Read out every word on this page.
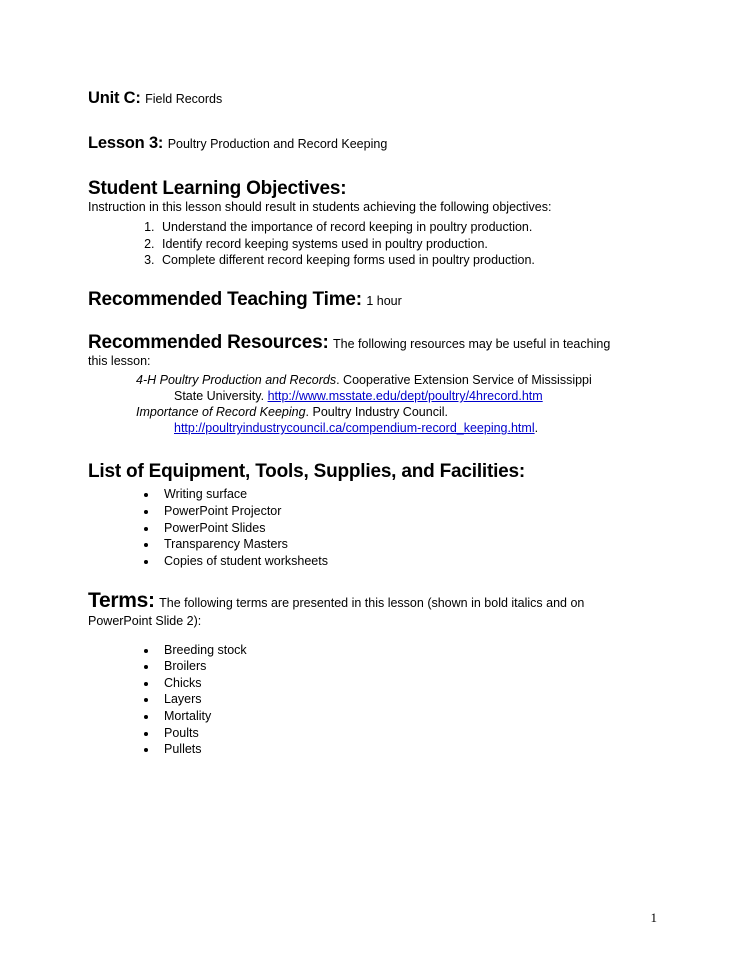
Unit C: Field Records
Lesson 3: Poultry Production and Record Keeping
Student Learning Objectives:
Instruction in this lesson should result in students achieving the following objectives:
1. Understand the importance of record keeping in poultry production.
2. Identify record keeping systems used in poultry production.
3. Complete different record keeping forms used in poultry production.
Recommended Teaching Time: 1 hour
Recommended Resources: The following resources may be useful in teaching
this lesson:
4-H Poultry Production and Records. Cooperative Extension Service of Mississippi
State University. http://www.msstate.edu/dept/poultry/4hrecord.htm
Importance of Record Keeping. Poultry Industry Council.
http://poultryindustrycouncil.ca/compendium-record_keeping.html.
List of Equipment, Tools, Supplies, and Facilities:
• Writing surface
• PowerPoint Projector
• PowerPoint Slides
• Transparency Masters
• Copies of student worksheets
Terms: The following terms are presented in this lesson (shown in bold italics and on
PowerPoint Slide 2):
• Breeding stock
• Broilers
• Chicks
• Layers
• Mortality
• Poults
• Pullets
1
